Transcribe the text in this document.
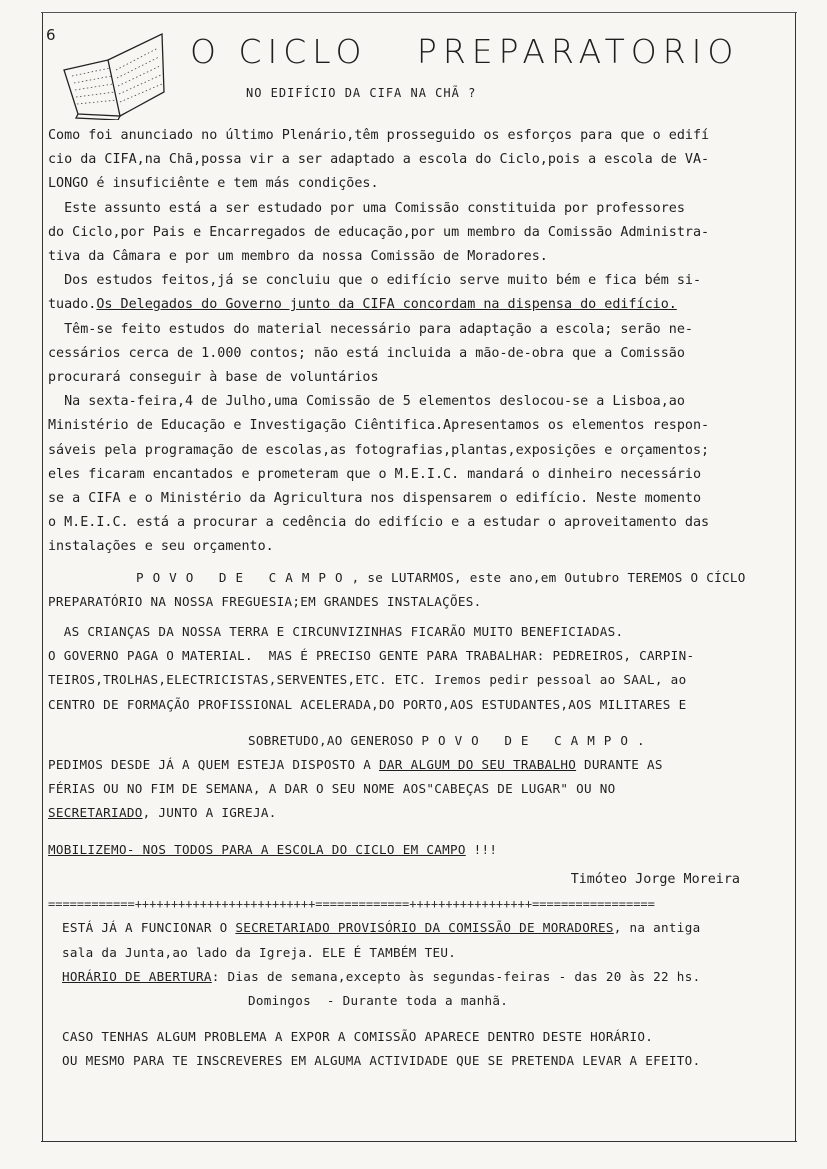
6	O CICLO   PREPARATORIO
NO EDIFÍCIO DA CIFA NA CHÃ ?

Como foi anunciado no último Plenário,têm prosseguido os esforços para que o edifí

cio da CIFA,na Chã,possa vir a ser adaptado a escola do Ciclo,pois a escola de VA-

LONGO é insuficiênte e tem más condições.

Este assunto está a ser estudado por uma Comissão constituida por professores

do Ciclo,por Pais e Encarregados de educação,por um membro da Comissão Administra-

tiva da Câmara e por um membro da nossa Comissão de Moradores.

Dos estudos feitos,já se concluiu que o edifício serve muito bém e fica bém si-

tuado.Os Delegados do Governo junto da CIFA concordam na dispensa do edifício.

Têm-se feito estudos do material necessário para adaptação a escola; serão ne-

cessários cerca de 1.000 contos; não está incluida a mão-de-obra que a Comissão

procurará conseguir à base de voluntários

Na sexta-feira,4 de Julho,uma Comissão de 5 elementos deslocou-se a Lisboa,ao

Ministério de Educação e Investigação Ciêntifica.Apresentamos os elementos respon-

sáveis pela programação de escolas,as fotografias,plantas,exposições e orçamentos;

eles ficaram encantados e prometeram que o M.E.I.C. mandará o dinheiro necessário

se a CIFA e o Ministério da Agricultura nos dispensarem o edifício. Neste momento

o M.E.I.C. está a procurar a cedência do edifício e a estudar o aproveitamento das

instalações e seu orçamento.

POVO DE CAMPO, se LUTARMOS, este ano,em Outubro TEREMOS O CÍCLO

PREPARATÓRIO NA NOSSA FREGUESIA;EM GRANDES INSTALAÇÕES.

AS CRIANÇAS DA NOSSA TERRA E CIRCUNVIZINHAS FICARÃO MUITO BENEFICIADAS.

O GOVERNO PAGA O MATERIAL.  MAS É PRECISO GENTE PARA TRABALHAR: PEDREIROS, CARPIN-

TEIROS,TROLHAS,ELECTRICISTAS,SERVENTES,ETC. ETC. Iremos pedir pessoal ao SAAL, ao

CENTRO DE FORMAÇÃO PROFISSIONAL ACELERADA,DO PORTO,AOS ESTUDANTES,AOS MILITARES E

SOBRETUDO,AO GENEROSO POVO DE CAMPO.

PEDIMOS DESDE JÁ A QUEM ESTEJA DISPOSTO A DAR ALGUM DO SEU TRABALHO DURANTE AS

FÉRIAS OU NO FIM DE SEMANA, A DAR O SEU NOME AOS"CABEÇAS DE LUGAR" OU NO

SECRETARIADO, JUNTO A IGREJA.

MOBILIZEMO- NOS TODOS PARA A ESCOLA DO CICLO EM CAMPO !!!

Timóteo Jorge Moreira

============+++++++++++++++++++++++++=============+++++++++++++++++=================

ESTÁ JÁ A FUNCIONAR O SECRETARIADO PROVISÓRIO DA COMISSÃO DE MORADORES, na antiga

sala da Junta,ao lado da Igreja. ELE É TAMBÉM TEU.

HORÁRIO DE ABERTURA: Dias de semana,excepto às segundas-feiras - das 20 às 22 hs.

Domingos  - Durante toda a manhã.

CASO TENHAS ALGUM PROBLEMA A EXPOR A COMISSÃO APARECE DENTRO DESTE HORÁRIO.

OU MESMO PARA TE INSCREVERES EM ALGUMA ACTIVIDADE QUE SE PRETENDA LEVAR A EFEITO.
